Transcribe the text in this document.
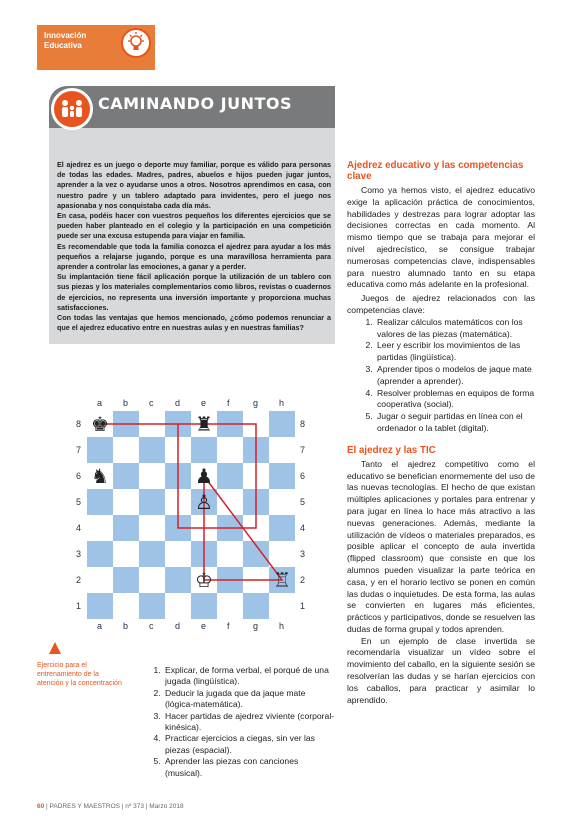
Innovación
Educativa
CAMINANDO JUNTOS

El ajedrez es un juego o deporte muy familiar, porque es válido para personas de todas las edades. Madres, padres, abuelos e hijos pueden jugar juntos, aprender a la vez o ayudarse unos a otros. Nosotros aprendimos en casa, con nuestro padre y un tablero adaptado para invidentes, pero el juego nos apasionaba y nos conquistaba cada día más.

En casa, podéis hacer con vuestros pequeños los diferentes ejercicios que se pueden haber planteado en el colegio y la participación en una competición puede ser una excusa estupenda para viajar en familia.

Es recomendable que toda la familia conozca el ajedrez para ayudar a los más pequeños a relajarse jugando, porque es una maravillosa herramienta para aprender a controlar las emociones, a ganar y a perder.

Su implantación tiene fácil aplicación porque la utilización de un tablero con sus piezas y los materiales complementarios como libros, revistas o cuadernos de ejercicios, no representa una inversión importante y proporciona muchas satisfacciones.

Con todas las ventajas que hemos mencionado, ¿cómo podemos renunciar a que el ajedrez educativo entre en nuestras aulas y en nuestras familias?

Ajedrez educativo y las competencias clave

Como ya hemos visto, el ajedrez educativo exige la aplicación práctica de conocimientos, habilidades y destrezas para lograr adoptar las decisiones correctas en cada momento. Al mismo tiempo que se trabaja para mejorar el nivel ajedrecístico, se consigue trabajar numerosas competencias clave, indispensables para nuestro alumnado tanto en su etapa educativa como más adelante en la profesional.

Juegos de ajedrez relacionados con las competencias clave:

1. Realizar cálculos matemáticos con los valores de las piezas (matemática).
2. Leer y escribir los movimientos de las partidas (lingüística).
3. Aprender tipos o modelos de jaque mate (aprender a aprender).
4. Resolver problemas en equipos de forma cooperativa (social).
5. Jugar o seguir partidas en línea con el ordenador o la tablet (digital).
El ajedrez y las TIC

Tanto el ajedrez competitivo como el educativo se benefician enormemente del uso de las nuevas tecnologías. El hecho de que existan múltiples aplicaciones y portales para entrenar y para jugar en línea lo hace más atractivo a las nuevas generaciones. Además, mediante la utilización de vídeos o materiales preparados, es posible aplicar el concepto de aula invertida (flipped classroom) que consiste en que los alumnos pueden visualizar la parte teórica en casa, y en el horario lectivo se ponen en común las dudas o inquietudes. De esta forma, las aulas se convierten en lugares más eficientes, prácticos y participativos, donde se resuelven las dudas de forma grupal y todos aprenden.

En un ejemplo de clase invertida se recomendaría visualizar un vídeo sobre el movimiento del caballo, en la siguiente sesión se resolverían las dudas y se harían ejercicios con los caballos, para practicar y asimilar lo aprendido.

a
a
b
b
c
c
d
d
e
e
f
f
g
g
h
h
8	8
7	7
6	6
5	5
4	4
3	3
2	2
1	1
♚	♜
♞	♟
♙
♔	♖
Ejercicio para el entrenamiento de la atención y la concentración
1. Explicar, de forma verbal, el porqué de una jugada (lingüística).
2. Deducir la jugada que da jaque mate (lógica-matemática).
3. Hacer partidas de ajedrez viviente (corporal-kinésica).
4. Practicar ejercicios a ciegas, sin ver las piezas (espacial).
5. Aprender las piezas con canciones (musical).
60 | PADRES Y MAESTROS | nº 373 | Marzo 2018
